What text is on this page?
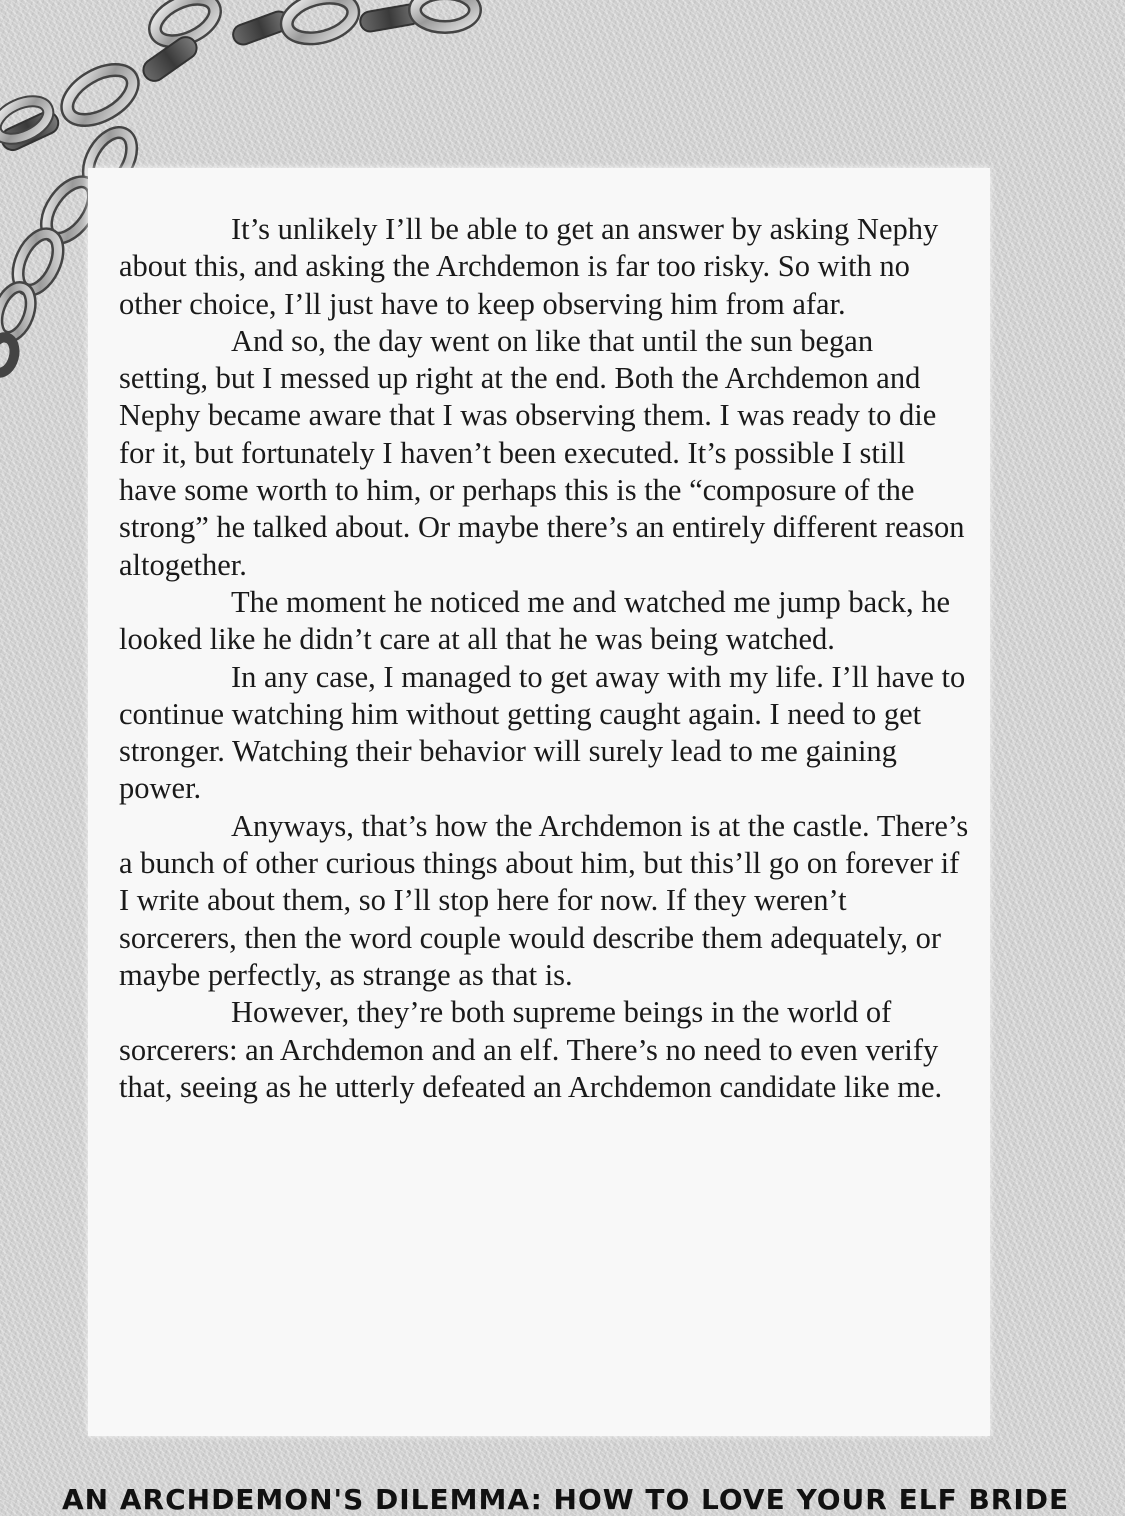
It’s unlikely I’ll be able to get an answer by asking Nephy about this, and asking the Archdemon is far too risky. So with no other choice, I’ll just have to keep observing him from afar.

And so, the day went on like that until the sun began setting, but I messed up right at the end. Both the Archdemon and Nephy became aware that I was observing them. I was ready to die for it, but fortunately I haven’t been executed. It’s possible I still have some worth to him, or perhaps this is the “composure of the strong” he talked about. Or maybe there’s an entirely different reason altogether.

The moment he noticed me and watched me jump back, he looked like he didn’t care at all that he was being watched.

In any case, I managed to get away with my life. I’ll have to continue watching him without getting caught again. I need to get stronger. Watching their behavior will surely lead to me gaining power.

Anyways, that’s how the Archdemon is at the castle. There’s a bunch of other curious things about him, but this’ll go on forever if I write about them, so I’ll stop here for now. If they weren’t sorcerers, then the word couple would describe them adequately, or maybe perfectly, as strange as that is.

However, they’re both supreme beings in the world of sorcerers: an Archdemon and an elf. There’s no need to even verify that, seeing as he utterly defeated an Archdemon candidate like me.

AN ARCHDEMON'S DILEMMA: HOW TO LOVE YOUR ELF BRIDE
